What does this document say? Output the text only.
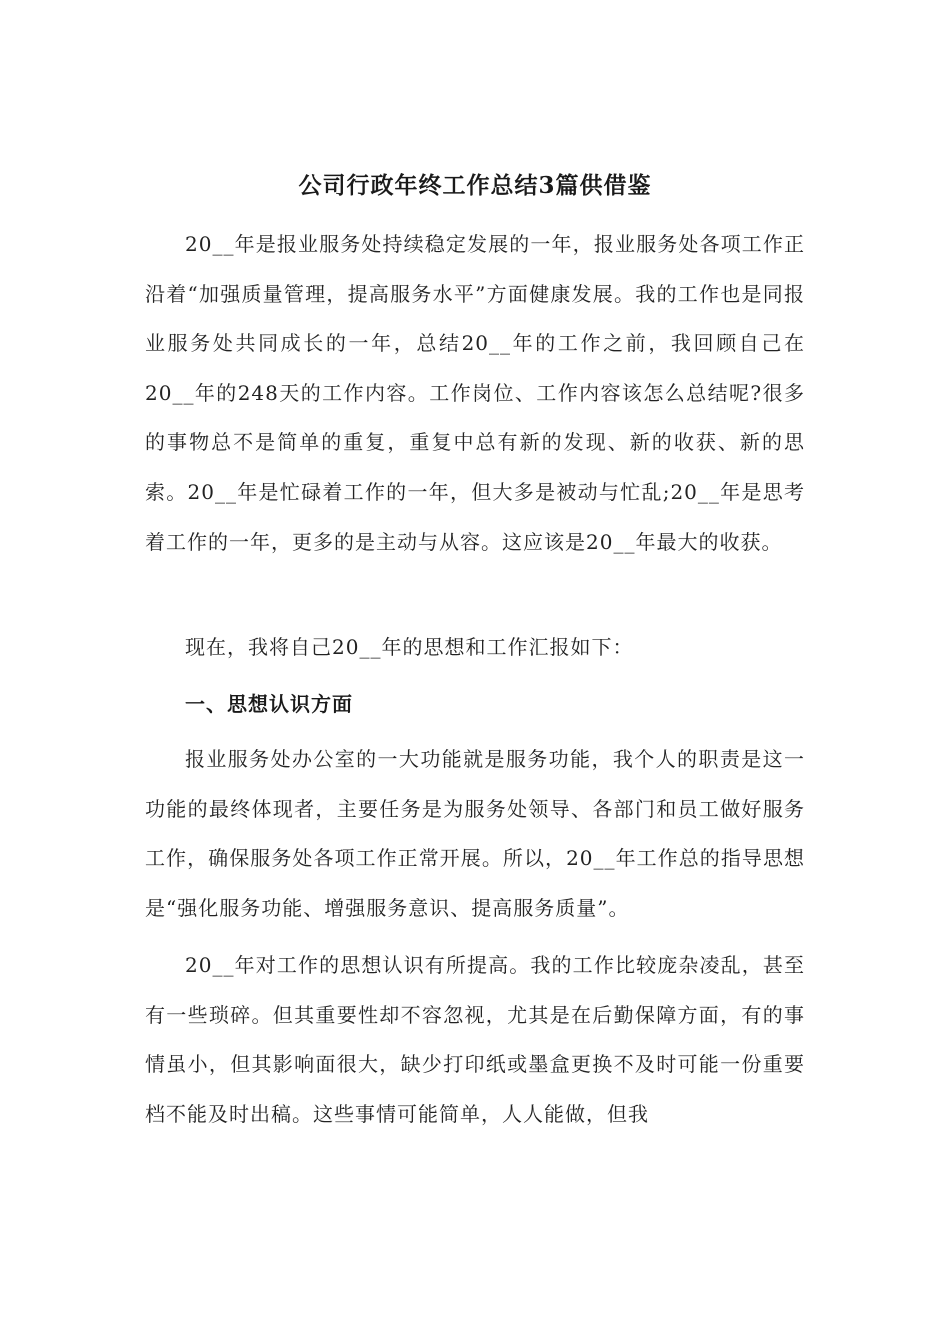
公司行政年终工作总结3篇供借鉴

20__年是报业服务处持续稳定发展的一年，报业服务处各项工作正沿着“加强质量管理，提高服务水平”方面健康发展。我的工作也是同报业服务处共同成长的一年，总结20__年的工作之前，我回顾自己在20__年的248天的工作内容。工作岗位、工作内容该怎么总结呢?很多的事物总不是简单的重复，重复中总有新的发现、新的收获、新的思索。20__年是忙碌着工作的一年，但大多是被动与忙乱;20__年是思考着工作的一年，更多的是主动与从容。这应该是20__年最大的收获。

现在，我将自己20__年的思想和工作汇报如下：

一、思想认识方面

报业服务处办公室的一大功能就是服务功能，我个人的职责是这一功能的最终体现者，主要任务是为服务处领导、各部门和员工做好服务工作，确保服务处各项工作正常开展。所以，20__年工作总的指导思想是“强化服务功能、增强服务意识、提高服务质量”。

20__年对工作的思想认识有所提高。我的工作比较庞杂凌乱，甚至有一些琐碎。但其重要性却不容忽视，尤其是在后勤保障方面，有的事情虽小，但其影响面很大，缺少打印纸或墨盒更换不及时可能一份重要档不能及时出稿。这些事情可能简单，人人能做，但我
